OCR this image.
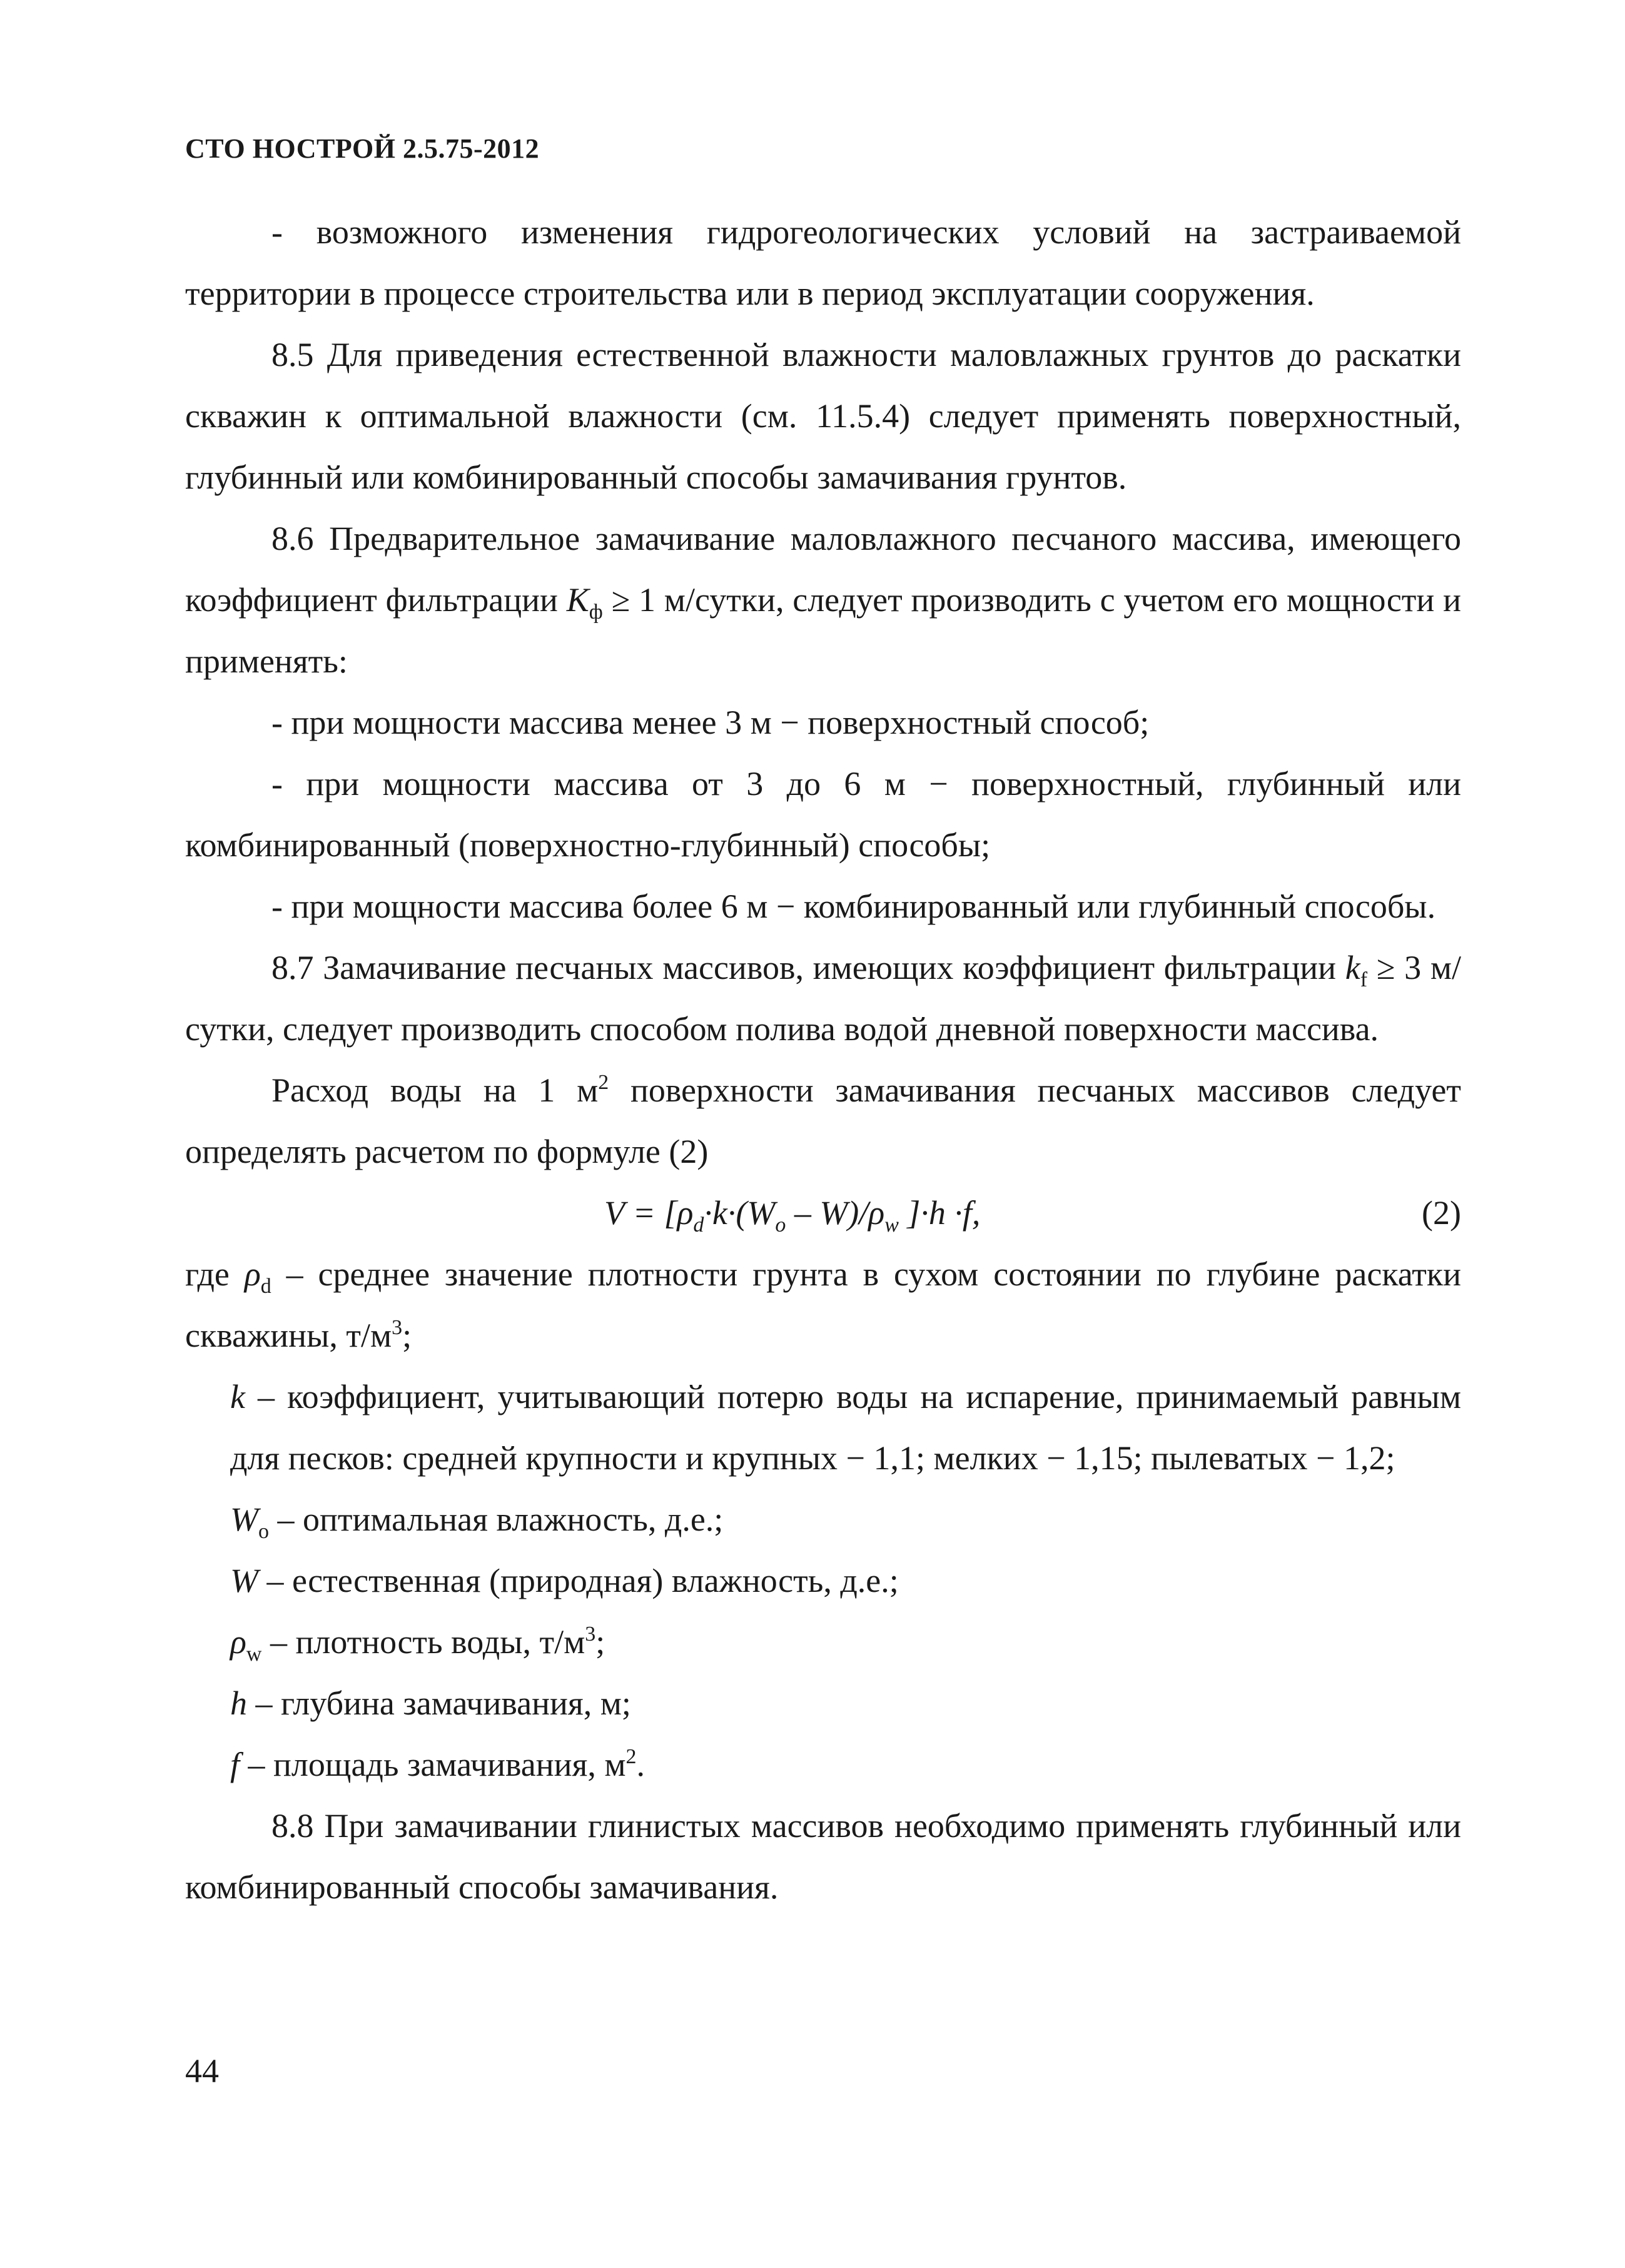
СТО НОСТРОЙ 2.5.75-2012

- возможного изменения гидрогеологических условий на застраиваемой территории в процессе строительства или в период эксплуатации сооружения.

8.5 Для приведения естественной влажности маловлажных грунтов до раскатки скважин к оптимальной влажности (см. 11.5.4) следует применять поверхностный, глубинный или комбинированный способы замачивания грунтов.

8.6 Предварительное замачивание маловлажного песчаного массива, имеющего коэффициент фильтрации $K_ф \ge 1$ м/сутки, следует производить с учетом его мощности и применять:

- при мощности массива менее 3 м − поверхностный способ;

- при мощности массива от 3 до 6 м − поверхностный, глубинный или комбинированный (поверхностно-глубинный) способы;

- при мощности массива более 6 м − комбинированный или глубинный способы.

8.7 Замачивание песчаных массивов, имеющих коэффициент фильтрации $k_f \ge 3$ м/сутки, следует производить способом полива водой дневной поверхности массива.

Расход воды на 1 $м^2$ поверхности замачивания песчаных массивов следует определять расчетом по формуле (2)

$V = [\rho_d\cdot k\cdot(W_o - W)/\rho_w$ ]·h ·f,	(2)

где $\rho_d$ – среднее значение плотности грунта в сухом состоянии по глубине раскатки скважины, $т/м^3$;

k – коэффициент, учитывающий потерю воды на испарение, принимаемый равным для песков: средней крупности и крупных − 1,1; мелких − 1,15; пылеватых − 1,2;

$W_o$ – оптимальная влажность, д.е.;

W – естественная (природная) влажность, д.е.;

$\rho_w$ – плотность воды, $т/м^3$;

h – глубина замачивания, м;

f – площадь замачивания, $м^2$.

8.8 При замачивании глинистых массивов необходимо применять глубинный или комбинированный способы замачивания.

44
